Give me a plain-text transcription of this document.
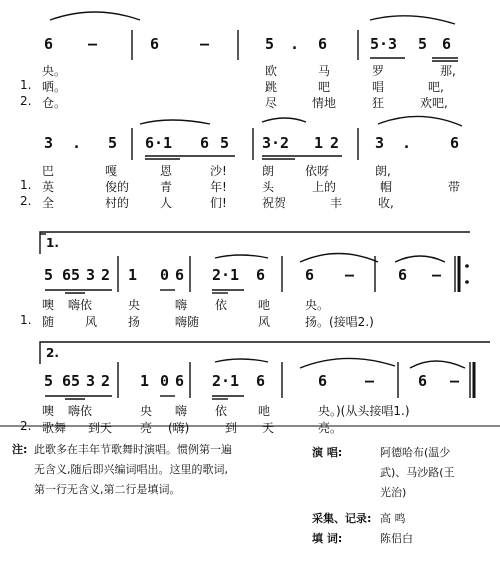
6 –	6	–	5 . 6	5·3 5 6
央。	欧	马	罗	那,
1. 哂。	跳	吧	唱	吧,
2. 仓。	尽	情地	狂	欢吧,
3 . 5 6·1 6 5 3·2 1 2 3 .	6
巴	嘎	恩	沙!	朗	依呀	朗,
1. 英	俊的	青	年!	头	上的	帽	带
2. 全	村的	人	们!	祝贺	丰	收,
1.
5 65 3 2 1 0 6 2·1 6	6 –	6 –
噢 嗨依	央	嗨 依	吔	央。
1. 随	风	扬	嗨随	风	扬。(接唱2.)
2.
5 65 3 2 1 0 6 2·1 6	6	–	6 –
噢 嗨依	央 嗨 依	吔	央。)(从头接唱1.)
2. 歌舞 到天 亮 (嗨)	到 天	亮。
注: 此歌多在丰年节歌舞时演唱。惯例第一遍
无含义,随后即兴编词唱出。这里的歌词,
第一行无含义,第二行是填词。
演 唱:	阿德哈布(温少
武)、马沙路(王
光治)
采集、记录: 高 鸣
填 词:	陈侣白
